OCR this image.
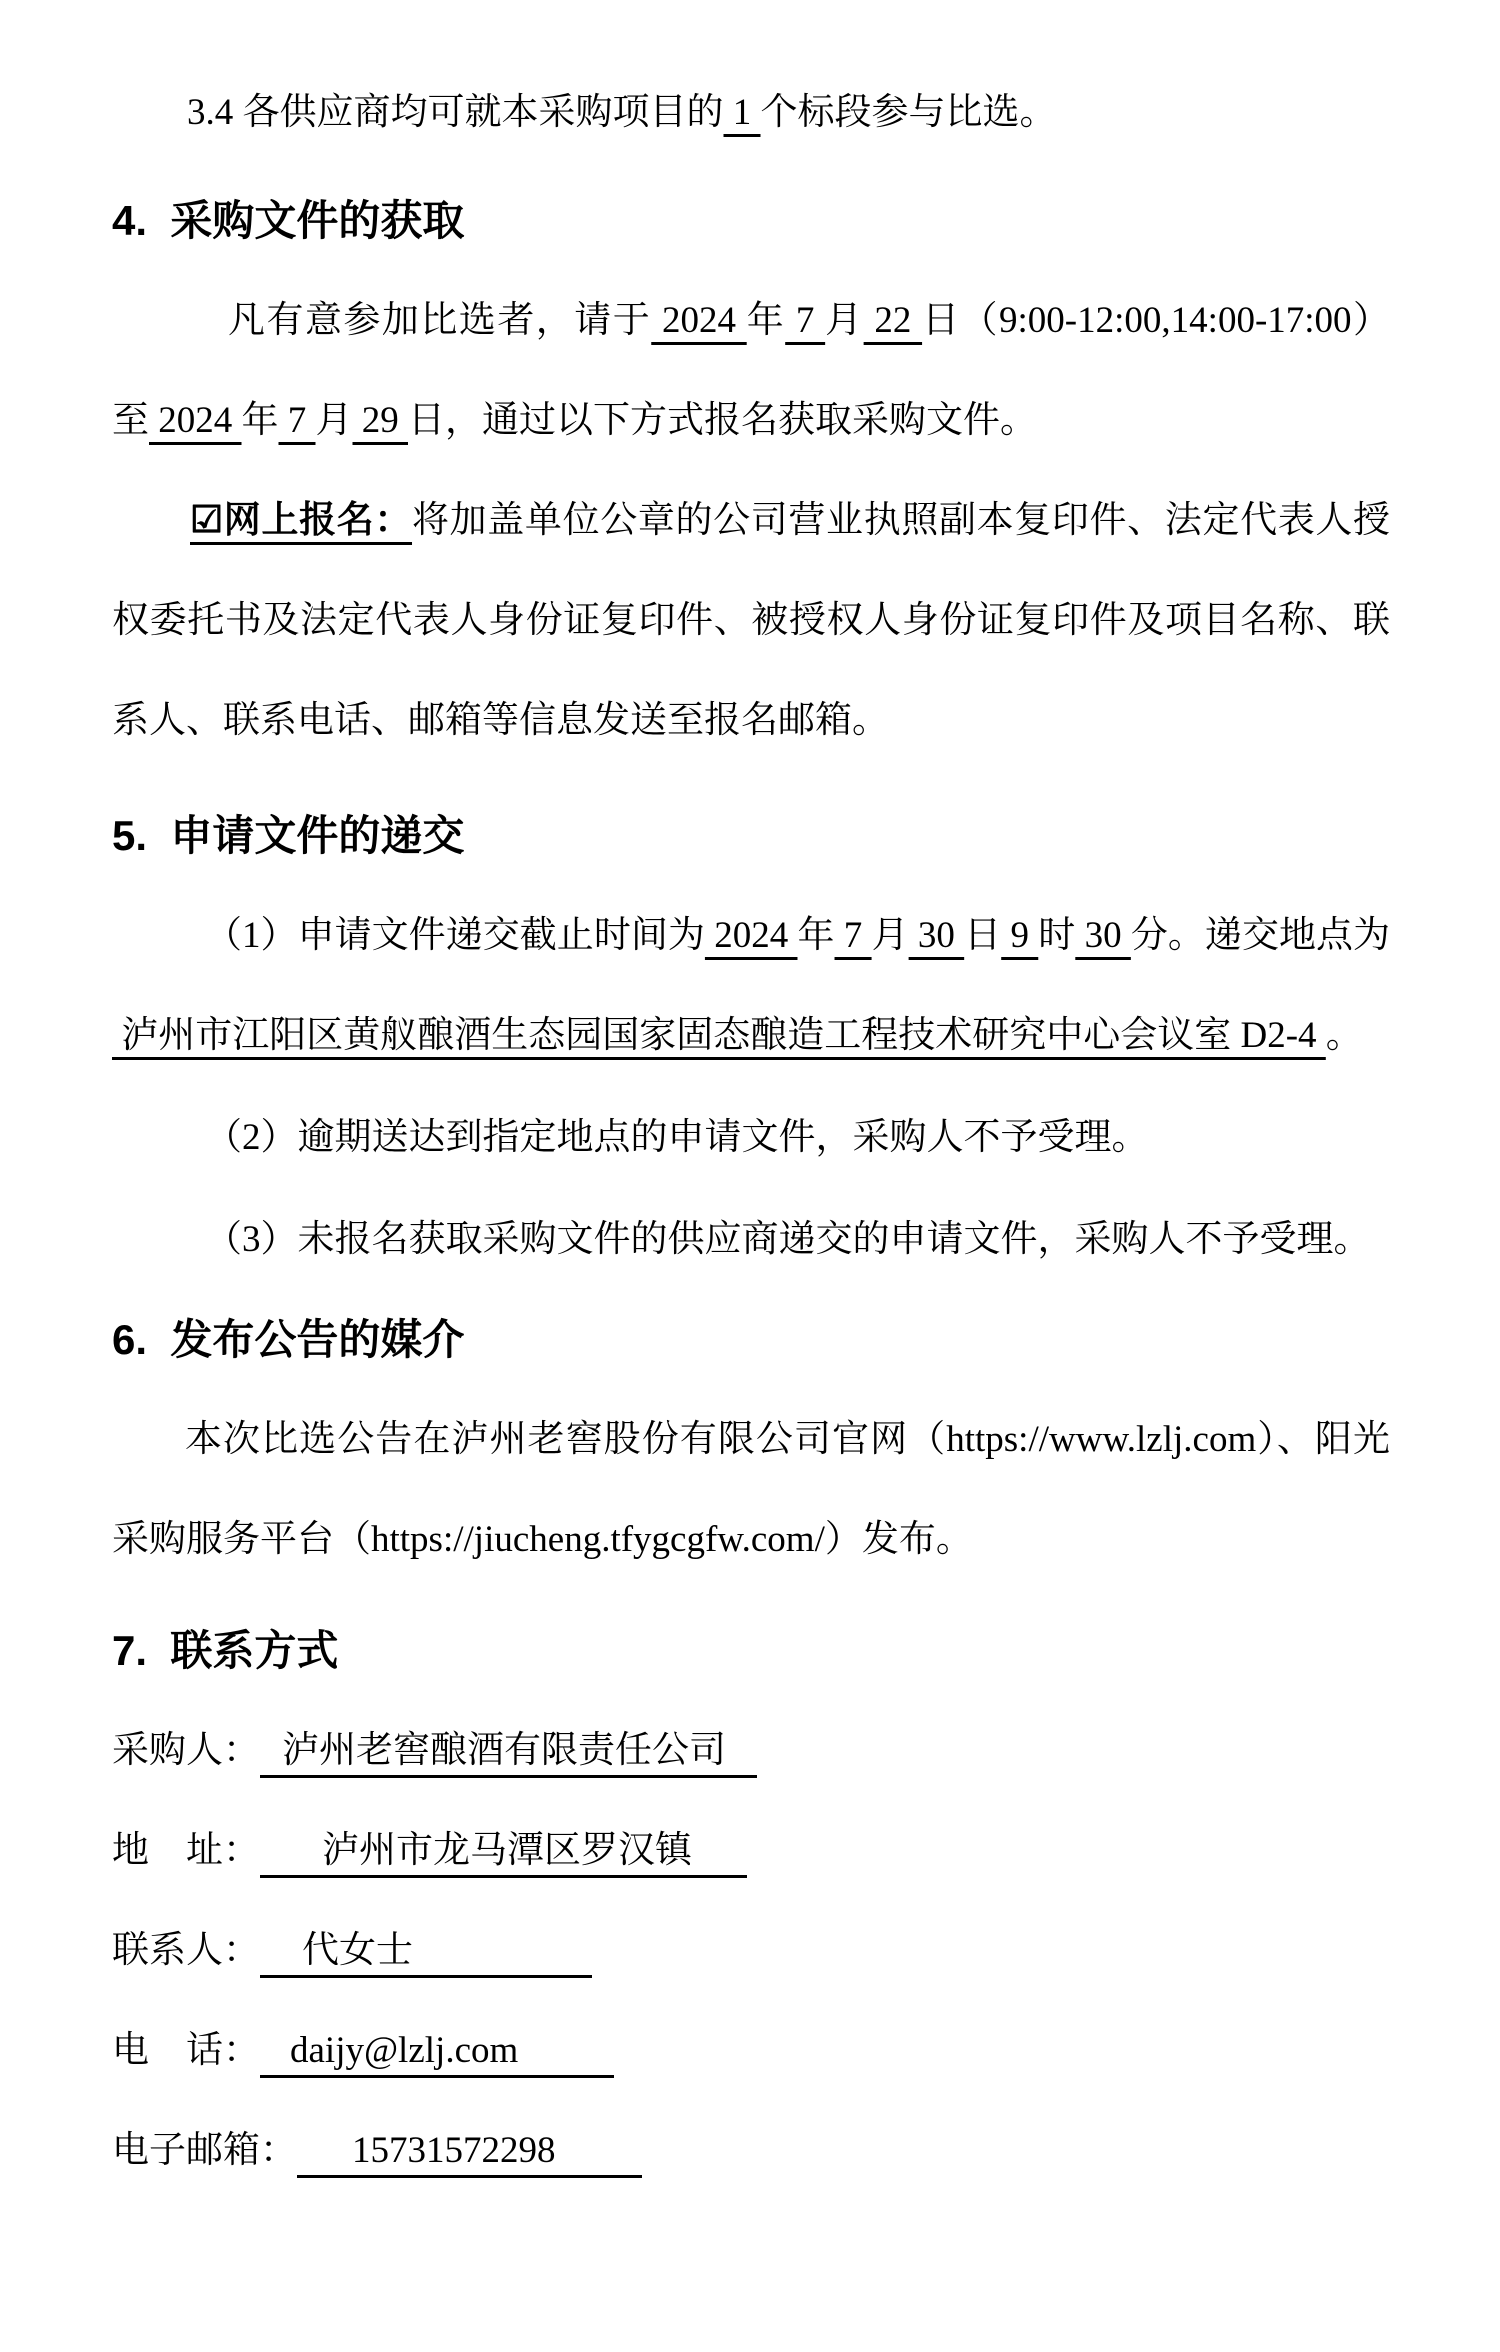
3.4 各供应商均可就本采购项目的 1 个标段参与比选。

4.  采购文件的获取

凡有意参加比选者，请于 2024 年 7 月 22 日（9:00-12:00,14:00-17:00）至 2024 年 7 月 29 日，通过以下方式报名获取采购文件。

☑网上报名：将加盖单位公章的公司营业执照副本复印件、法定代表人授权委托书及法定代表人身份证复印件、被授权人身份证复印件及项目名称、联系人、联系电话、邮箱等信息发送至报名邮箱。

5.  申请文件的递交

（1）申请文件递交截止时间为 2024 年 7 月 30 日 9 时 30 分。递交地点为 泸州市江阳区黄舣酿酒生态园国家固态酿造工程技术研究中心会议室 D2-4 。

（2）逾期送达到指定地点的申请文件，采购人不予受理。

（3）未报名获取采购文件的供应商递交的申请文件，采购人不予受理。

6.  发布公告的媒介

本次比选公告在泸州老窖股份有限公司官网（https://www.lzlj.com）、阳光采购服务平台（https://jiucheng.tfygcgfw.com/）发布。

7.  联系方式
采购人： 泸州老窖酿酒有限责任公司
地　址： 泸州市龙马潭区罗汉镇
联系人： 代女士
电　话： daijy@lzlj.com
电子邮箱： 15731572298
